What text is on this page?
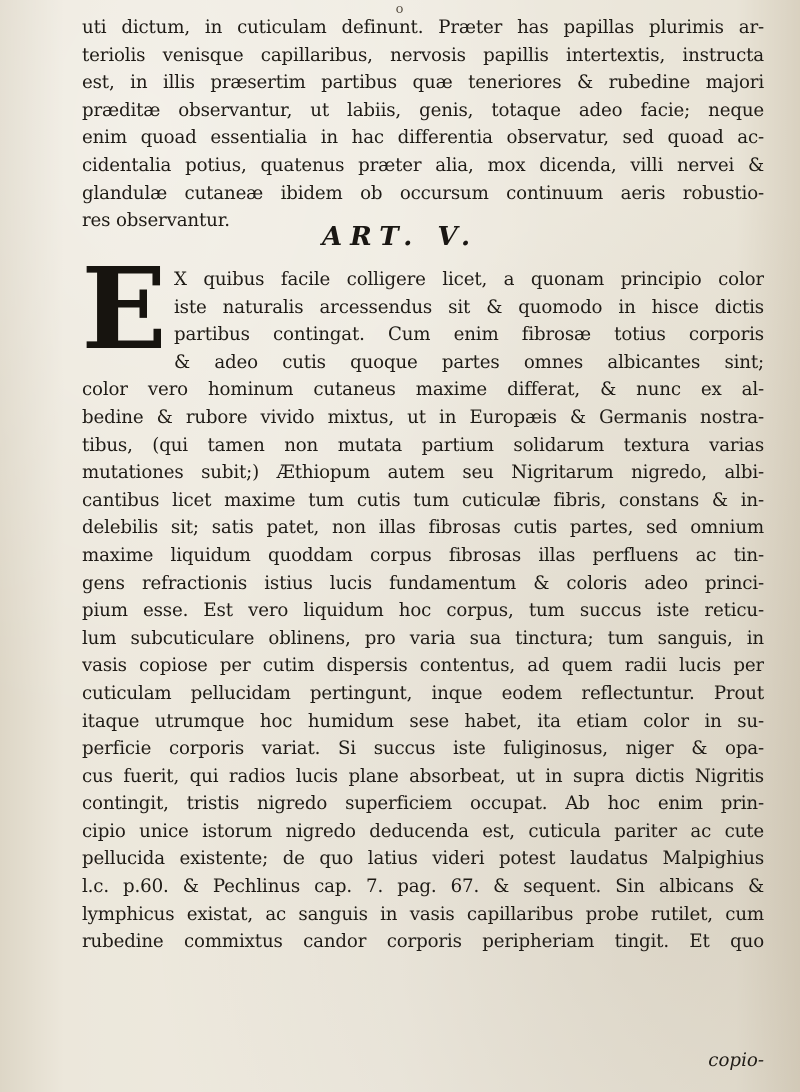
o
uti dictum, in cuticulam definunt. Præter has papillas plurimis ar-
teriolis venisque capillaribus, nervosis papillis intertextis, instructa
est, in illis præsertim partibus quæ teneriores & rubedine majori
præditæ observantur, ut labiis, genis, totaque adeo facie; neque
enim quoad essentialia in hac differentia observatur, sed quoad ac-
cidentalia potius, quatenus præter alia, mox dicenda, villi nervei &
glandulæ cutaneæ ibidem ob occursum continuum aeris robustio-
res observantur.
ART. V.
E X quibus facile colligere licet, a quonam principio color
iste naturalis arcessendus sit & quomodo in hisce dictis
partibus contingat. Cum enim fibrosæ totius corporis
& adeo cutis quoque partes omnes albicantes sint;
color vero hominum cutaneus maxime differat, & nunc ex al-
bedine & rubore vivido mixtus, ut in Europæis & Germanis nostra-
tibus, (qui tamen non mutata partium solidarum textura varias
mutationes subit;) Æthiopum autem seu Nigritarum nigredo, albi-
cantibus licet maxime tum cutis tum cuticulæ fibris, constans & in-
delebilis sit; satis patet, non illas fibrosas cutis partes, sed omnium
maxime liquidum quoddam corpus fibrosas illas perfluens ac tin-
gens refractionis istius lucis fundamentum & coloris adeo princi-
pium esse. Est vero liquidum hoc corpus, tum succus iste reticu-
lum subcuticulare oblinens, pro varia sua tinctura; tum sanguis, in
vasis copiose per cutim dispersis contentus, ad quem radii lucis per
cuticulam pellucidam pertingunt, inque eodem reflectuntur. Prout
itaque utrumque hoc humidum sese habet, ita etiam color in su-
perficie corporis variat. Si succus iste fuliginosus, niger & opa-
cus fuerit, qui radios lucis plane absorbeat, ut in supra dictis Nigritis
contingit, tristis nigredo superficiem occupat. Ab hoc enim prin-
cipio unice istorum nigredo deducenda est, cuticula pariter ac cute
pellucida existente; de quo latius videri potest laudatus Malpighius
l.c. p.60. & Pechlinus cap. 7. pag. 67. & sequent. Sin albicans &
lymphicus existat, ac sanguis in vasis capillaribus probe rutilet, cum
rubedine commixtus candor corporis peripheriam tingit. Et quo
copio-
